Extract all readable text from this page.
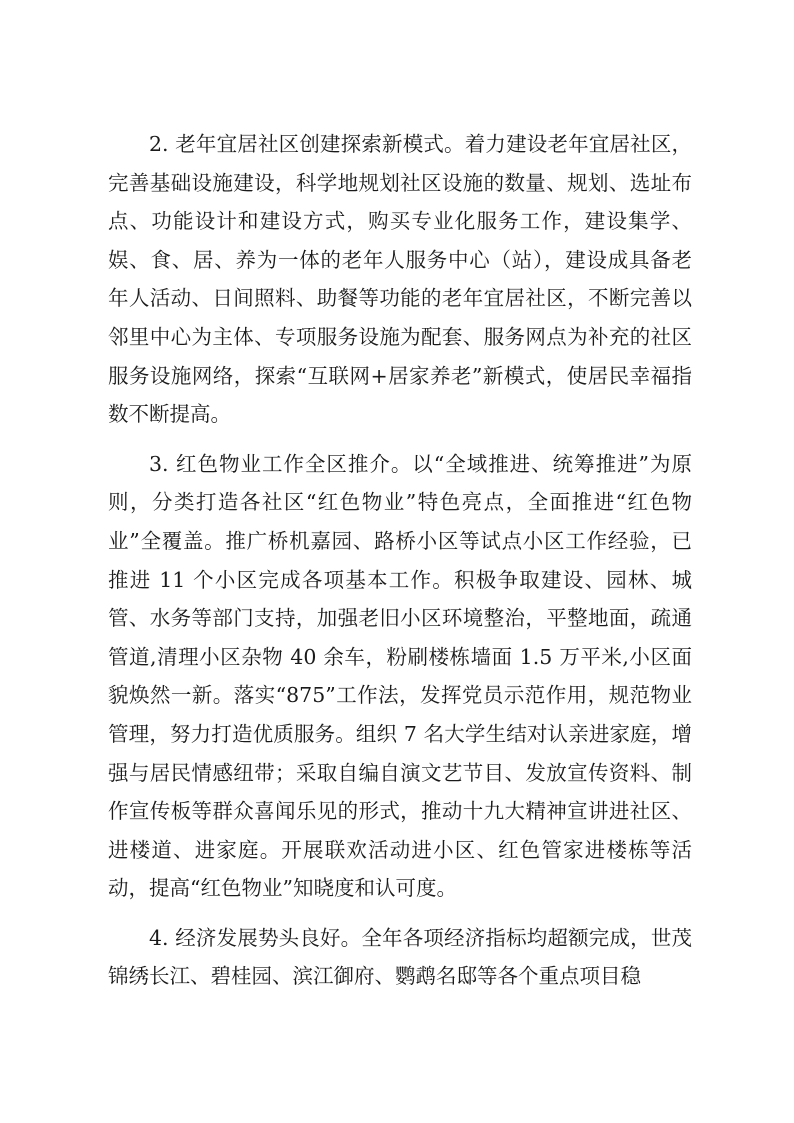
2. 老年宜居社区创建探索新模式。着力建设老年宜居社区，完善基础设施建设，科学地规划社区设施的数量、规划、选址布点、功能设计和建设方式，购买专业化服务工作，建设集学、娱、食、居、养为一体的老年人服务中心（站），建设成具备老年人活动、日间照料、助餐等功能的老年宜居社区，不断完善以邻里中心为主体、专项服务设施为配套、服务网点为补充的社区服务设施网络，探索“互联网+居家养老”新模式，使居民幸福指数不断提高。

3. 红色物业工作全区推介。以“全域推进、统筹推进”为原则，分类打造各社区“红色物业”特色亮点，全面推进“红色物业”全覆盖。推广桥机嘉园、路桥小区等试点小区工作经验，已推进 11 个小区完成各项基本工作。积极争取建设、园林、城管、水务等部门支持，加强老旧小区环境整治，平整地面，疏通管道,清理小区杂物 40 余车，粉刷楼栋墙面 1.5 万平米,小区面貌焕然一新。落实“875”工作法，发挥党员示范作用，规范物业管理，努力打造优质服务。组织 7 名大学生结对认亲进家庭，增强与居民情感纽带；采取自编自演文艺节目、发放宣传资料、制作宣传板等群众喜闻乐见的形式，推动十九大精神宣讲进社区、进楼道、进家庭。开展联欢活动进小区、红色管家进楼栋等活动，提高“红色物业”知晓度和认可度。

4. 经济发展势头良好。全年各项经济指标均超额完成，世茂锦绣长江、碧桂园、滨江御府、鹦鹉名邸等各个重点项目稳
